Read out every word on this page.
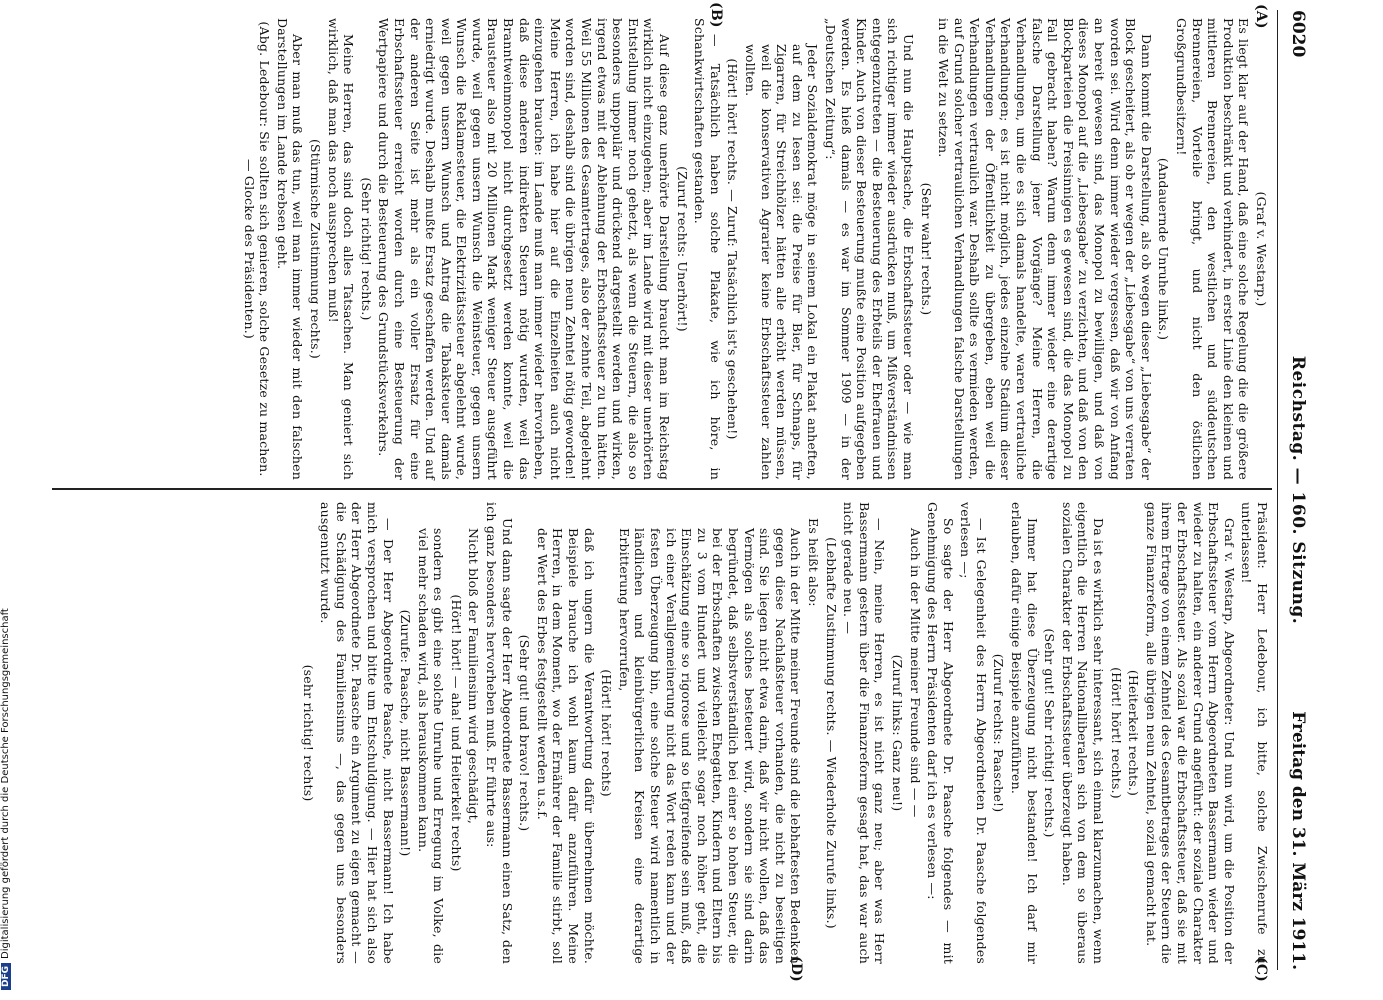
6020
Reichstag. — 160. Sitzung.
Freitag den 31. März 1911.
(A)
(Graf v. Westarp.)

Es liegt klar auf der Hand, daß eine solche Regelung die die größere Produktion beschränkt und verhindert, in erster Linie den kleinen und mittleren Brennereien, den westlichen und süddeutschen Brennereien, Vorteile bringt, und nicht den östlichen Großgrundbesitzern!

(Andauernde Unruhe links.)

Dann kommt die Darstellung, als ob wegen dieser „Liebesgabe“ der Block gescheitert, als ob er wegen der „Liebesgabe“ von uns verraten worden sei. Wird denn immer wieder vergessen, daß wir von Anfang an bereit gewesen sind, das Monopol zu bewilligen, und daß von dieses Monopol auf die „Liebesgabe“ zu verzichten, und daß von den Blockparteien die Freisinnigen es gewesen sind, die das Monopol zu Fall gebracht haben? Warum denn immer wieder eine derartige falsche Darstellung jener Vorgänge? Meine Herren, die Verhandlungen, um die es sich damals handelte, waren vertrauliche Verhandlungen; es ist nicht möglich, jedes einzelne Stadium dieser Verhandlungen der Öffentlichkeit zu übergeben, eben weil die Verhandlungen vertraulich war. Deshalb sollte es vermieden werden, auf Grund solcher vertraulichen Verhandlungen falsche Darstellungen in die Welt zu setzen.

(Sehr wahr! rechts.)

Und nun die Hauptsache, die Erbschaftssteuer oder — wie man sich richtiger immer wieder ausdrücken muß, um Mißverständnissen entgegenzutreten — die Besteuerung des Erbteils der Ehefrauen und Kinder. Auch von dieser Besteuerung mußte eine Position aufgegeben werden. Es hieß damals — es war im Sommer 1909 — in der „Deutschen Zeitung“:

Jeder Sozialdemokrat möge in seinem Lokal ein Plakat anheften, auf dem zu lesen sei: die Preise für Bier, für Schnaps, für Zigarren, für Streichhölzer hätten alle erhöht werden müssen, weil die konservativen Agrarier keine Erbschaftssteuer zahlen wollten.
(Hört! hört! rechts. — Zuruf: Tatsächlich ist's geschehen!)
(B)

— Tatsächlich haben solche Plakate, wie ich höre, in Schankwirtschaften gestanden.

(Zuruf rechts: Unerhört!)

Auf diese ganz unerhörte Darstellung braucht man im Reichstag wirklich nicht einzugehen; aber im Lande wird mit dieser unerhörten Entstellung immer noch gehetzt, als wenn die Steuern, die also so besonders unpopulär und drückend dargestellt werden und wirken, irgend etwas mit der Ablehnung der Erbschaftssteuer zu tun hätten. Weil 55 Millionen des Gesamtertrages, also der zehnte Teil, abgelehnt worden sind, deshalb sind die übrigen neun Zehntel nötig geworden! Meine Herren, ich habe hier auf die Einzelheiten auch nicht einzugehen brauche: im Lande muß man immer wieder hervorheben, daß diese anderen indirekten Steuern nötig wurden, weil das Branntweinmonopol nicht durchgesetzt werden konnte, weil die Brausteuer also mit 20 Millionen Mark weniger Steuer ausgeführt wurde, weil gegen unsern Wunsch die Weinsteuer, gegen unsern Wunsch die Reklamesteuer, die Elektrizitätssteuer abgelehnt wurde, weil gegen unsern Wunsch und Antrag die Tabaksteuer damals erniedrigt wurde. Deshalb mußte Ersatz geschaffen werden. Und auf der anderen Seite ist mehr als ein voller Ersatz für eine Erbschaftssteuer erreicht worden durch eine Besteuerung der Wertpapiere und durch die Besteuerung des Grundstücksverkehrs.

(Sehr richtig! rechts.)

Meine Herren, das sind doch alles Tatsachen. Man geniert sich wirklich, daß man das noch aussprechen muß!

(Stürmische Zustimmung rechts.)

Aber man muß das tun, weil man immer wieder mit den falschen Darstellungen im Lande krebsen geht.

(Abg. Ledebour: Sie sollten sich genieren, solche Gesetze zu machen. — Glocke des Präsidenten.)
(C)

Präsident: Herr Ledebour, ich bitte, solche Zwischenrufe zu unterlassen!

Graf v. Westarp, Abgeordneter: Und nun wird, um die Position der Erbschaftssteuer vom Herrn Abgeordneten Bassermann wieder und wieder zu halten, ein anderer Grund angeführt: der soziale Charakter der Erbschaftssteuer. Als sozial war die Erbschaftssteuer, daß sie mit ihrem Ertrage von einem Zehntel des Gesamtbetrages der Steuern die ganze Finanzreform, alle übrigen neun Zehntel, sozial gemacht hat.

(Heiterkeit rechts.)
(Hört! hört! rechts.)

Da ist es wirklich sehr interessant, sich einmal klarzumachen, wenn eigentlich die Herren Nationalliberalen sich von dem so überaus sozialen Charakter der Erbschaftssteuer überzeugt haben.

(Sehr gut! Sehr richtig! rechts.)

Immer hat diese Überzeugung nicht bestanden! Ich darf mir erlauben, dafür einige Beispiele anzuführen.

(Zuruf rechts: Paasche!)

— Ist Gelegenheit des Herrn Abgeordneten Dr. Paasche folgendes verlesen —;

So sagte der Herr Abgeordnete Dr. Paasche folgendes — mit Genehmigung des Herrn Präsidenten darf ich es verlesen —:

Auch in der Mitte meiner Freunde sind — —
(Zuruf links: Ganz neu!)

— Nein, meine Herren, es ist nicht ganz neu; aber was Herr Bassermann gestern über die Finanzreform gesagt hat, das war auch nicht gerade neu. —

(Lebhafte Zustimmung rechts. — Wiederholte Zurufe links.)

Es heißt also:

(D)
Auch in der Mitte meiner Freunde sind die lebhaftesten Bedenken gegen diese Nachlaßsteuer vorhanden, die nicht zu beseitigen sind. Sie liegen nicht etwa darin, daß wir nicht wollen, daß das Vermögen als solches besteuert wird, sondern sie sind darin begründet, daß selbstverständlich bei einer so hohen Steuer, die bei der Erbschaften zwischen Ehegatten, Kindern und Eltern bis zu 3 vom Hundert und vielleicht sogar noch höher geht, die Einschätzung eine so rigorose und so tiefgreifende sein muß, daß ich einer Verallgemeinerung nicht das Wort reden kann und der festen Überzeugung bin, eine solche Steuer wird namentlich in ländlichen und kleinbürgerlichen Kreisen eine derartige Erbitterung hervorrufen,
(Hört! hört! rechts)
daß ich ungern die Verantwortung dafür übernehmen möchte. Beispiele brauche ich wohl kaum dafür anzuführen. Meine Herren, in dem Moment, wo der Ernährer der Familie stirbt, soll der Wert des Erbes festgestellt werden u.s.f.
(Sehr gut! und bravo! rechts.)

Und dann sagte der Herr Abgeordnete Bassermann einen Satz, den ich ganz besonders hervorheben muß. Er führte aus:

Nicht bloß der Familiensinn wird geschädigt,
(Hört! hört! — aha! und Heiterkeit rechts)
sondern es gibt eine solche Unruhe und Erregung im Volke, die viel mehr schaden wird, als herauskommen kann.
(Zurufe: Paasche, nicht Bassermann!)

— Der Herr Abgeordnete Paasche, nicht Bassermann! Ich habe mich versprochen und bitte um Entschuldigung. — Hier hat sich also der Herr Abgeordnete Dr. Paasche ein Argument zu eigen gemacht — die Schädigung des Familiensinns —, das gegen uns besonders ausgenutzt wurde.

(sehr richtig! rechts)
DFGDigitalisierung gefördert durch die Deutsche Forschungsgemeinschaft
